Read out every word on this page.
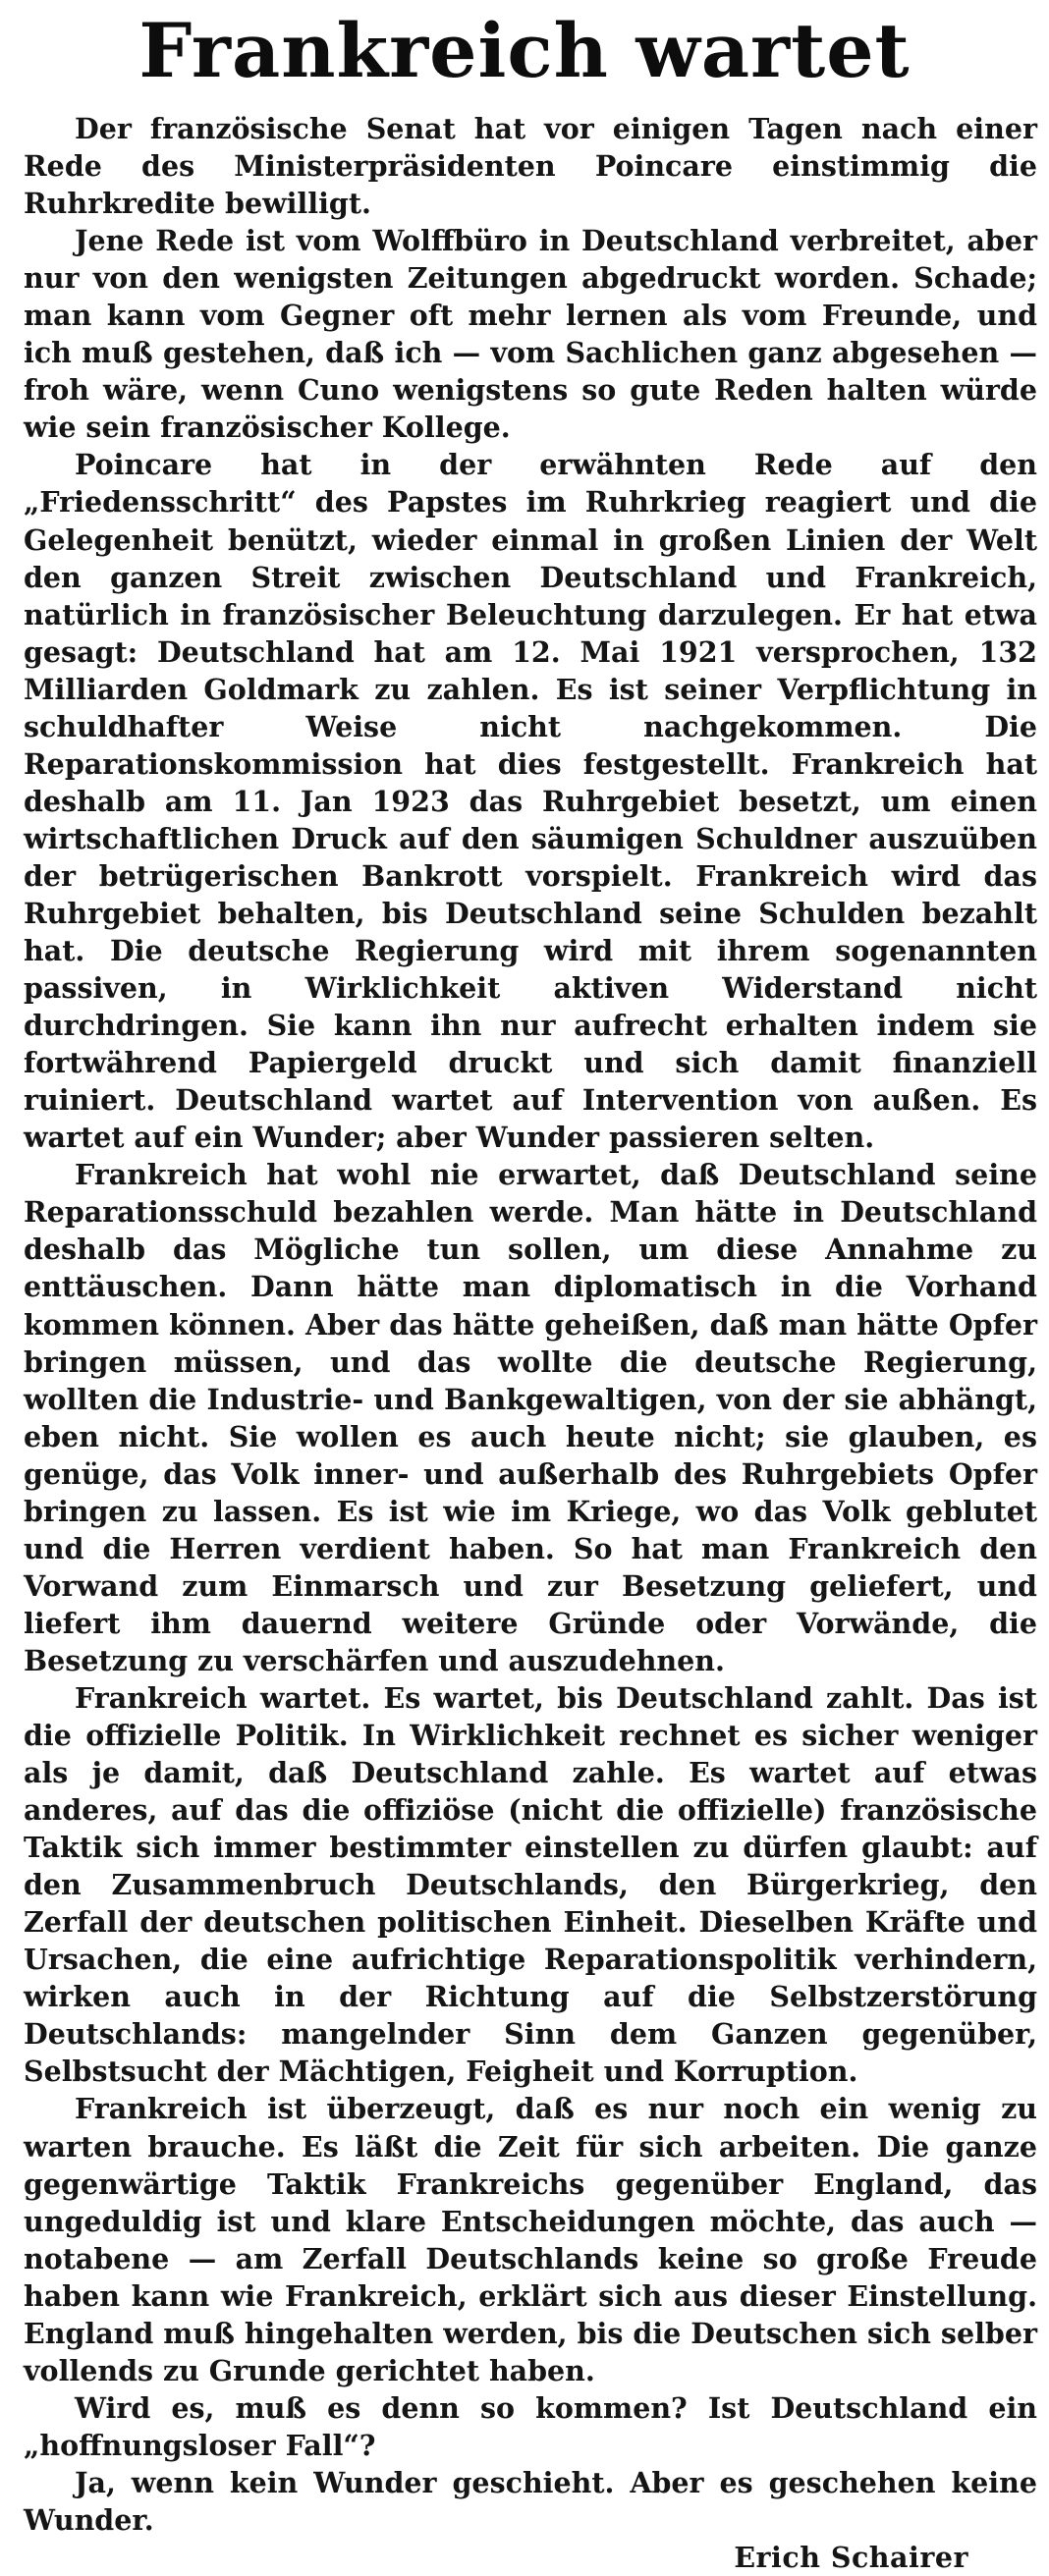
Frankreich wartet

Der französische Senat hat vor einigen Tagen nach einer Rede des Ministerpräsidenten Poincare einstimmig die Ruhrkredite bewilligt.

Jene Rede ist vom Wolffbüro in Deutschland verbreitet, aber nur von den wenigsten Zeitungen abgedruckt worden. Schade; man kann vom Gegner oft mehr lernen als vom Freunde, und ich muß gestehen, daß ich — vom Sachlichen ganz abgesehen — froh wäre, wenn Cuno wenigstens so gute Reden halten würde wie sein französischer Kollege.

Poincare hat in der erwähnten Rede auf den „Friedensschritt“ des Papstes im Ruhrkrieg reagiert und die Gelegenheit benützt, wieder einmal in großen Linien der Welt den ganzen Streit zwischen Deutschland und Frankreich, natürlich in französischer Beleuchtung darzulegen. Er hat etwa gesagt: Deutschland hat am 12. Mai 1921 versprochen, 132 Milliarden Goldmark zu zahlen. Es ist seiner Verpflichtung in schuldhafter Weise nicht nachgekommen. Die Reparationskommission hat dies festgestellt. Frankreich hat deshalb am 11. Jan 1923 das Ruhrgebiet besetzt, um einen wirtschaftlichen Druck auf den säumigen Schuldner auszuüben der betrügerischen Bankrott vorspielt. Frankreich wird das Ruhrgebiet behalten, bis Deutschland seine Schulden bezahlt hat. Die deutsche Regierung wird mit ihrem sogenannten passiven, in Wirklichkeit aktiven Widerstand nicht durchdringen. Sie kann ihn nur aufrecht erhalten indem sie fortwährend Papiergeld druckt und sich damit finanziell ruiniert. Deutschland wartet auf Intervention von außen. Es wartet auf ein Wunder; aber Wunder passieren selten.

Frankreich hat wohl nie erwartet, daß Deutschland seine Reparationsschuld bezahlen werde. Man hätte in Deutschland deshalb das Mögliche tun sollen, um diese Annahme zu enttäuschen. Dann hätte man diplomatisch in die Vorhand kommen können. Aber das hätte geheißen, daß man hätte Opfer bringen müssen, und das wollte die deutsche Regierung, wollten die Industrie- und Bankgewaltigen, von der sie abhängt, eben nicht. Sie wollen es auch heute nicht; sie glauben, es genüge, das Volk inner- und außerhalb des Ruhrgebiets Opfer bringen zu lassen. Es ist wie im Kriege, wo das Volk geblutet und die Herren verdient haben. So hat man Frankreich den Vorwand zum Einmarsch und zur Besetzung geliefert, und liefert ihm dauernd weitere Gründe oder Vorwände, die Besetzung zu verschärfen und auszudehnen.

Frankreich wartet. Es wartet, bis Deutschland zahlt. Das ist die offizielle Politik. In Wirklichkeit rechnet es sicher weniger als je damit, daß Deutschland zahle. Es wartet auf etwas anderes, auf das die offiziöse (nicht die offizielle) französische Taktik sich immer bestimmter einstellen zu dürfen glaubt: auf den Zusammenbruch Deutschlands, den Bürgerkrieg, den Zerfall der deutschen politischen Einheit. Dieselben Kräfte und Ursachen, die eine aufrichtige Reparationspolitik verhindern, wirken auch in der Richtung auf die Selbstzerstörung Deutschlands: mangelnder Sinn dem Ganzen gegenüber, Selbstsucht der Mächtigen, Feigheit und Korruption.

Frankreich ist überzeugt, daß es nur noch ein wenig zu warten brauche. Es läßt die Zeit für sich arbeiten. Die ganze gegenwärtige Taktik Frankreichs gegenüber England, das ungeduldig ist und klare Entscheidungen möchte, das auch — notabene — am Zerfall Deutschlands keine so große Freude haben kann wie Frankreich, erklärt sich aus dieser Einstellung. England muß hingehalten werden, bis die Deutschen sich selber vollends zu Grunde gerichtet haben.

Wird es, muß es denn so kommen? Ist Deutschland ein „hoffnungsloser Fall“?

Ja, wenn kein Wunder geschieht. Aber es geschehen keine Wunder.

Erich Schairer
